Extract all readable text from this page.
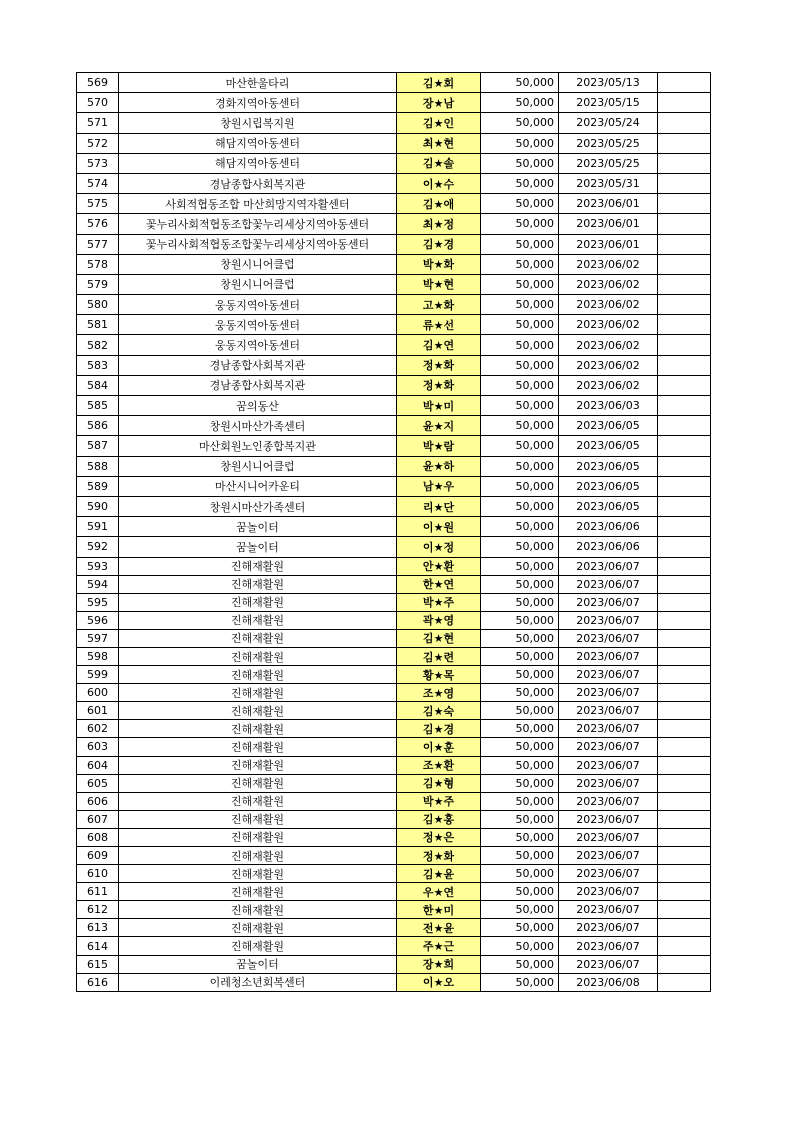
569	마산한울타리	김★회	50,000	2023/05/13	
570	경화지역아동센터	장★남	50,000	2023/05/15	
571	창원시립복지원	김★인	50,000	2023/05/24	
572	해담지역아동센터	최★현	50,000	2023/05/25	
573	해담지역아동센터	김★솔	50,000	2023/05/25	
574	경남종합사회복지관	이★수	50,000	2023/05/31	
575	사회적협동조합 마산희망지역자활센터	김★애	50,000	2023/06/01	
576	꽃누리사회적협동조합꽃누리세상지역아동센터	최★정	50,000	2023/06/01	
577	꽃누리사회적협동조합꽃누리세상지역아동센터	김★경	50,000	2023/06/01	
578	창원시니어클럽	박★화	50,000	2023/06/02	
579	창원시니어클럽	박★현	50,000	2023/06/02	
580	웅동지역아동센터	고★화	50,000	2023/06/02	
581	웅동지역아동센터	류★선	50,000	2023/06/02	
582	웅동지역아동센터	김★연	50,000	2023/06/02	
583	경남종합사회복지관	정★화	50,000	2023/06/02	
584	경남종합사회복지관	정★화	50,000	2023/06/02	
585	꿈의동산	박★미	50,000	2023/06/03	
586	창원시마산가족센터	윤★지	50,000	2023/06/05	
587	마산회원노인종합복지관	박★람	50,000	2023/06/05	
588	창원시니어클럽	윤★하	50,000	2023/06/05	
589	마산시니어카운티	남★우	50,000	2023/06/05	
590	창원시마산가족센터	리★단	50,000	2023/06/05	
591	꿈놀이터	이★원	50,000	2023/06/06	
592	꿈놀이터	이★정	50,000	2023/06/06	
593	진해재활원	안★환	50,000	2023/06/07	
594	진해재활원	한★연	50,000	2023/06/07	
595	진해재활원	박★주	50,000	2023/06/07	
596	진해재활원	곽★영	50,000	2023/06/07	
597	진해재활원	김★현	50,000	2023/06/07	
598	진해재활원	김★련	50,000	2023/06/07	
599	진해재활원	황★목	50,000	2023/06/07	
600	진해재활원	조★영	50,000	2023/06/07	
601	진해재활원	김★숙	50,000	2023/06/07	
602	진해재활원	김★경	50,000	2023/06/07	
603	진해재활원	이★훈	50,000	2023/06/07	
604	진해재활원	조★환	50,000	2023/06/07	
605	진해재활원	김★형	50,000	2023/06/07	
606	진해재활원	박★주	50,000	2023/06/07	
607	진해재활원	김★홍	50,000	2023/06/07	
608	진해재활원	정★은	50,000	2023/06/07	
609	진해재활원	정★화	50,000	2023/06/07	
610	진해재활원	김★윤	50,000	2023/06/07	
611	진해재활원	우★연	50,000	2023/06/07	
612	진해재활원	한★미	50,000	2023/06/07	
613	진해재활원	전★윤	50,000	2023/06/07	
614	진해재활원	주★근	50,000	2023/06/07	
615	꿈놀이터	장★희	50,000	2023/06/07	
616	이레청소년회복센터	이★오	50,000	2023/06/08	
